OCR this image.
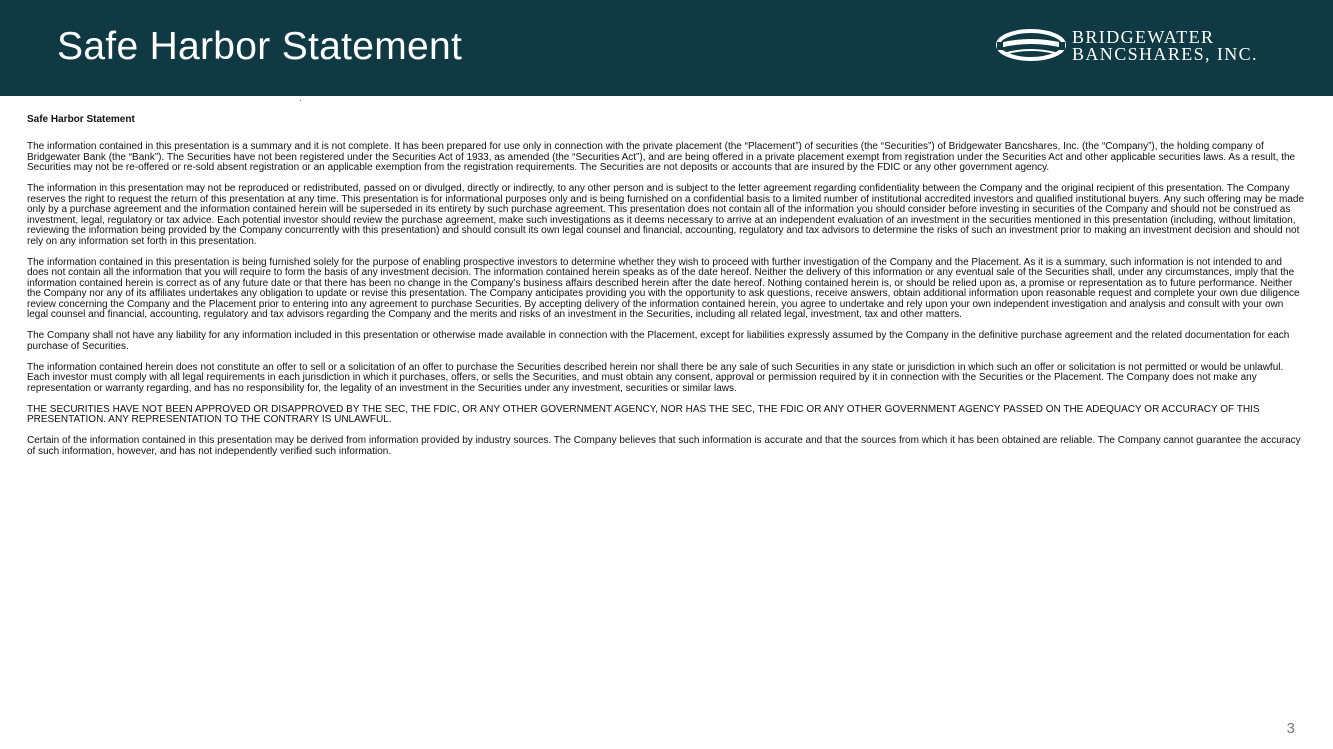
Safe Harbor Statement	BRIDGEWATER
BANCSHARES, INC.
Safe Harbor Statement

The information contained in this presentation is a summary and it is not complete. It has been prepared for use only in connection with the private placement (the “Placement”) of securities (the “Securities”) of Bridgewater Bancshares, Inc. (the “Company”), the holding company of Bridgewater Bank (the “Bank”). The Securities have not been registered under the Securities Act of 1933, as amended (the “Securities Act”), and are being offered in a private placement exempt from registration under the Securities Act and other applicable securities laws. As a result, the Securities may not be re-offered or re-sold absent registration or an applicable exemption from the registration requirements. The Securities are not deposits or accounts that are insured by the FDIC or any other government agency.

The information in this presentation may not be reproduced or redistributed, passed on or divulged, directly or indirectly, to any other person and is subject to the letter agreement regarding confidentiality between the Company and the original recipient of this presentation. The Company reserves the right to request the return of this presentation at any time. This presentation is for informational purposes only and is being furnished on a confidential basis to a limited number of institutional accredited investors and qualified institutional buyers. Any such offering may be made only by a purchase agreement and the information contained herein will be superseded in its entirety by such purchase agreement. This presentation does not contain all of the information you should consider before investing in securities of the Company and should not be construed as investment, legal, regulatory or tax advice. Each potential investor should review the purchase agreement, make such investigations as it deems necessary to arrive at an independent evaluation of an investment in the securities mentioned in this presentation (including, without limitation, reviewing the information being provided by the Company concurrently with this presentation) and should consult its own legal counsel and financial, accounting, regulatory and tax advisors to determine the risks of such an investment prior to making an investment decision and should not rely on any information set forth in this presentation.

The information contained in this presentation is being furnished solely for the purpose of enabling prospective investors to determine whether they wish to proceed with further investigation of the Company and the Placement. As it is a summary, such information is not intended to and does not contain all the information that you will require to form the basis of any investment decision. The information contained herein speaks as of the date hereof. Neither the delivery of this information or any eventual sale of the Securities shall, under any circumstances, imply that the information contained herein is correct as of any future date or that there has been no change in the Company’s business affairs described herein after the date hereof. Nothing contained herein is, or should be relied upon as, a promise or representation as to future performance. Neither the Company nor any of its affiliates undertakes any obligation to update or revise this presentation. The Company anticipates providing you with the opportunity to ask questions, receive answers, obtain additional information upon reasonable request and complete your own due diligence review concerning the Company and the Placement prior to entering into any agreement to purchase Securities. By accepting delivery of the information contained herein, you agree to undertake and rely upon your own independent investigation and analysis and consult with your own legal counsel and financial, accounting, regulatory and tax advisors regarding the Company and the merits and risks of an investment in the Securities, including all related legal, investment, tax and other matters.

The Company shall not have any liability for any information included in this presentation or otherwise made available in connection with the Placement, except for liabilities expressly assumed by the Company in the definitive purchase agreement and the related documentation for each purchase of Securities.

The information contained herein does not constitute an offer to sell or a solicitation of an offer to purchase the Securities described herein nor shall there be any sale of such Securities in any state or jurisdiction in which such an offer or solicitation is not permitted or would be unlawful. Each investor must comply with all legal requirements in each jurisdiction in which it purchases, offers, or sells the Securities, and must obtain any consent, approval or permission required by it in connection with the Securities or the Placement. The Company does not make any representation or warranty regarding, and has no responsibility for, the legality of an investment in the Securities under any investment, securities or similar laws.

THE SECURITIES HAVE NOT BEEN APPROVED OR DISAPPROVED BY THE SEC, THE FDIC, OR ANY OTHER GOVERNMENT AGENCY, NOR HAS THE SEC, THE FDIC OR ANY OTHER GOVERNMENT AGENCY PASSED ON THE ADEQUACY OR ACCURACY OF THIS PRESENTATION. ANY REPRESENTATION TO THE CONTRARY IS UNLAWFUL.

Certain of the information contained in this presentation may be derived from information provided by industry sources. The Company believes that such information is accurate and that the sources from which it has been obtained are reliable. The Company cannot guarantee the accuracy of such information, however, and has not independently verified such information.

3
